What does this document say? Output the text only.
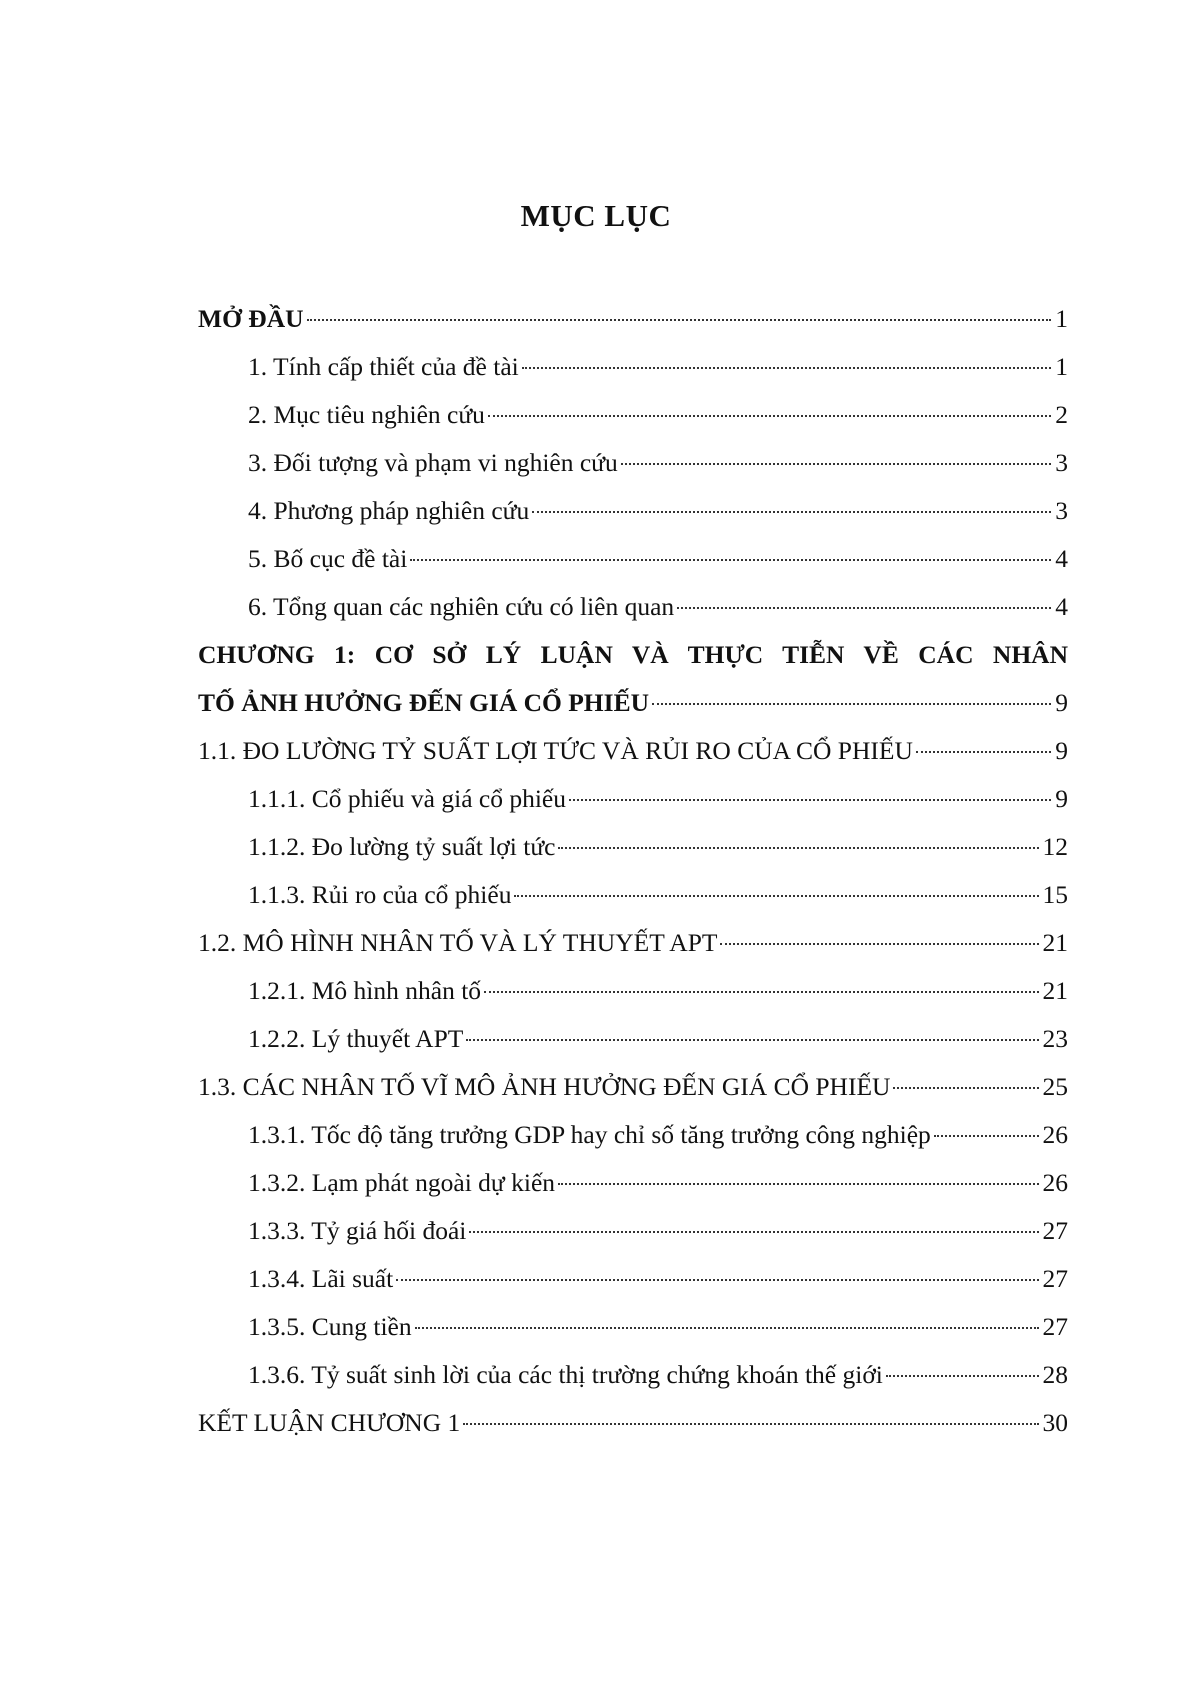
MỤC LỤC
MỞ ĐẦU	1
1. Tính cấp thiết của đề tài	1
2. Mục tiêu nghiên cứu	2
3. Đối tượng và phạm vi nghiên cứu	3
4. Phương pháp nghiên cứu	3
5. Bố cục đề tài	4
6. Tổng quan các nghiên cứu có liên quan	4
CHƯƠNG 1: CƠ SỞ LÝ LUẬN VÀ THỰC TIỄN VỀ CÁC NHÂN
TỐ ẢNH HƯỞNG ĐẾN GIÁ CỔ PHIẾU	9
1.1. ĐO LƯỜNG TỶ SUẤT LỢI TỨC VÀ RỦI RO CỦA CỔ PHIẾU	9
1.1.1. Cổ phiếu và giá cổ phiếu	9
1.1.2. Đo lường tỷ suất lợi tức	12
1.1.3. Rủi ro của cổ phiếu	15
1.2. MÔ HÌNH NHÂN TỐ VÀ LÝ THUYẾT APT	21
1.2.1. Mô hình nhân tố	21
1.2.2. Lý thuyết APT	23
1.3. CÁC NHÂN TỐ VĨ MÔ ẢNH HƯỞNG ĐẾN GIÁ CỔ PHIẾU	25
1.3.1. Tốc độ tăng trưởng GDP hay chỉ số tăng trưởng công nghiệp	26
1.3.2. Lạm phát ngoài dự kiến	26
1.3.3. Tỷ giá hối đoái	27
1.3.4. Lãi suất	27
1.3.5. Cung tiền	27
1.3.6. Tỷ suất sinh lời của các thị trường chứng khoán thế giới	28
KẾT LUẬN CHƯƠNG 1	30
